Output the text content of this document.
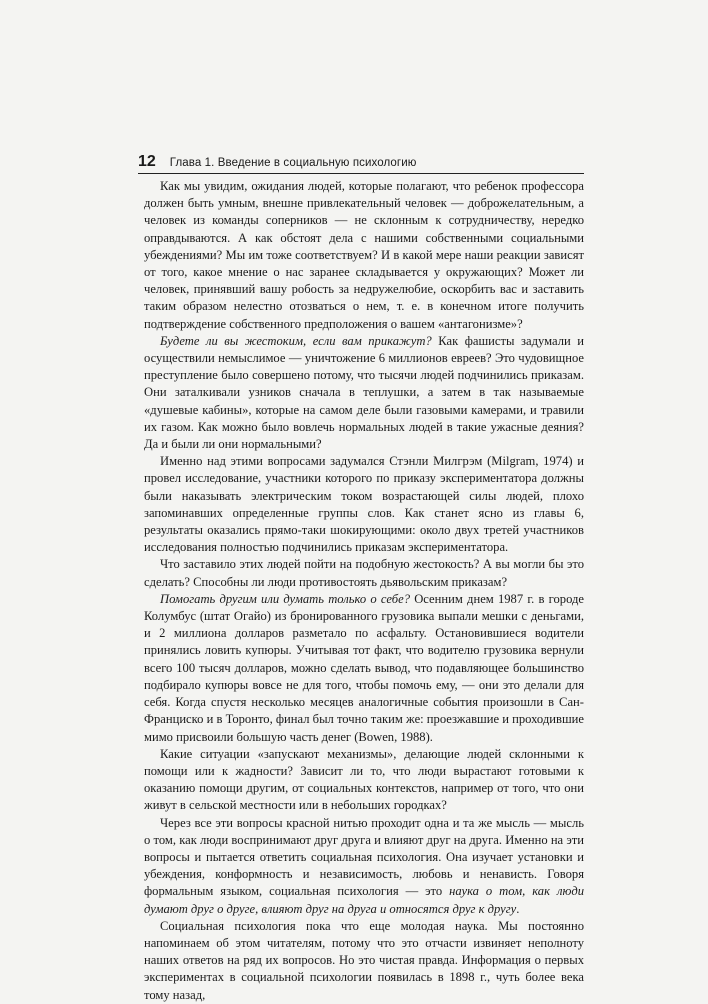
12 Глава 1. Введение в социальную психологию

Как мы увидим, ожидания людей, которые полагают, что ребенок профессора должен быть умным, внешне привлекательный человек — доброжелательным, а человек из команды соперников — не склонным к сотрудничеству, нередко оправдываются. А как обстоят дела с нашими собственными социальными убеждениями? Мы им тоже соответствуем? И в какой мере наши реакции зависят от того, какое мнение о нас заранее складывается у окружающих? Может ли человек, принявший вашу робость за недружелюбие, оскорбить вас и заставить таким образом нелестно отозваться о нем, т. е. в конечном итоге получить подтверждение собственного предположения о вашем «антагонизме»?

Будете ли вы жестоким, если вам прикажут? Как фашисты задумали и осуществили немыслимое — уничтожение 6 миллионов евреев? Это чудовищное преступление было совершено потому, что тысячи людей подчинились приказам. Они заталкивали узников сначала в теплушки, а затем в так называемые «душевые кабины», которые на самом деле были газовыми камерами, и травили их газом. Как можно было вовлечь нормальных людей в такие ужасные деяния? Да и были ли они нормальными?

Именно над этими вопросами задумался Стэнли Милгрэм (Milgram, 1974) и провел исследование, участники которого по приказу экспериментатора должны были наказывать электрическим током возрастающей силы людей, плохо запоминавших определенные группы слов. Как станет ясно из главы 6, результаты оказались прямо-таки шокирующими: около двух третей участников исследования полностью подчинились приказам экспериментатора.

Что заставило этих людей пойти на подобную жестокость? А вы могли бы это сделать? Способны ли люди противостоять дьявольским приказам?

Помогать другим или думать только о себе? Осенним днем 1987 г. в городе Колумбус (штат Огайо) из бронированного грузовика выпали мешки с деньгами, и 2 миллиона долларов разметало по асфальту. Остановившиеся водители принялись ловить купюры. Учитывая тот факт, что водителю грузовика вернули всего 100 тысяч долларов, можно сделать вывод, что подавляющее большинство подбирало купюры вовсе не для того, чтобы помочь ему, — они это делали для себя. Когда спустя несколько месяцев аналогичные события произошли в Сан-Франциско и в Торонто, финал был точно таким же: проезжавшие и проходившие мимо присвоили большую часть денег (Bowen, 1988).

Какие ситуации «запускают механизмы», делающие людей склонными к помощи или к жадности? Зависит ли то, что люди вырастают готовыми к оказанию помощи другим, от социальных контекстов, например от того, что они живут в сельской местности или в небольших городках?

Через все эти вопросы красной нитью проходит одна и та же мысль — мысль о том, как люди воспринимают друг друга и влияют друг на друга. Именно на эти вопросы и пытается ответить социальная психология. Она изучает установки и убеждения, конформность и независимость, любовь и ненависть. Говоря формальным языком, социальная психология — это наука о том, как люди думают друг о друге, влияют друг на друга и относятся друг к другу.

Социальная психология пока что еще молодая наука. Мы постоянно напоминаем об этом читателям, потому что это отчасти извиняет неполноту наших ответов на ряд их вопросов. Но это чистая правда. Информация о первых экспериментах в социальной психологии появилась в 1898 г., чуть более века тому назад,
